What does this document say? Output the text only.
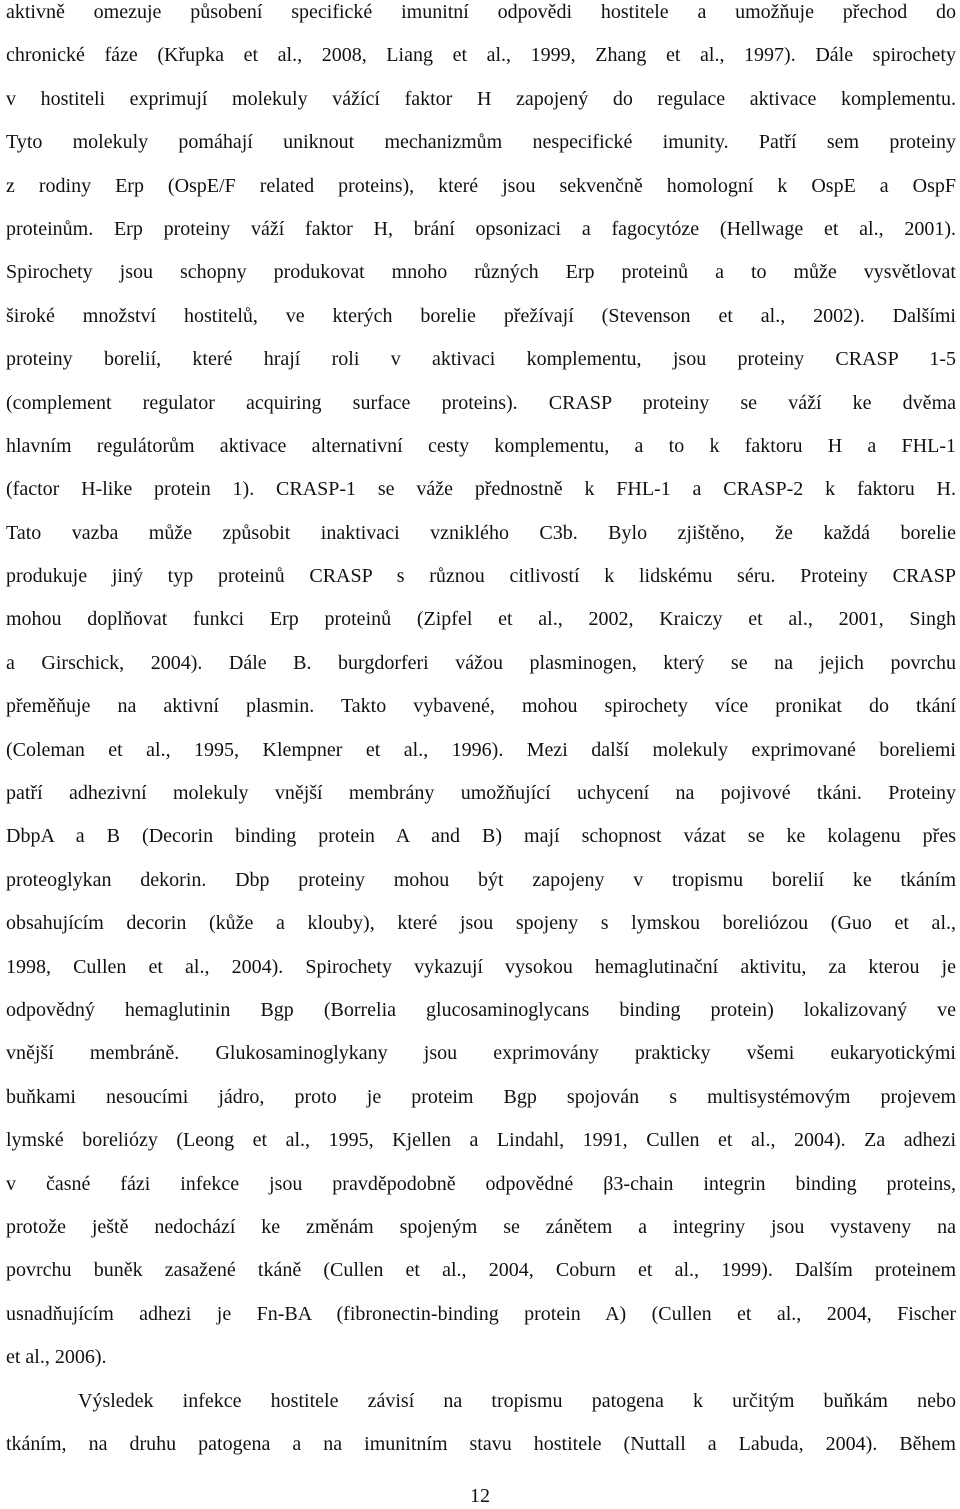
aktivně omezuje působení specifické imunitní odpovědi hostitele a umožňuje přechod do
chronické fáze (Křupka et al., 2008, Liang et al., 1999, Zhang et al., 1997). Dále spirochety
v hostiteli exprimují molekuly vážící faktor H zapojený do regulace aktivace komplementu.
Tyto molekuly pomáhají uniknout mechanizmům nespecifické imunity. Patří sem proteiny
z rodiny Erp (OspE/F related proteins), které jsou sekvenčně homologní k OspE a OspF
proteinům. Erp proteiny váží faktor H, brání opsonizaci a fagocytóze (Hellwage et al., 2001).
Spirochety jsou schopny produkovat mnoho různých Erp proteinů a to může vysvětlovat
široké množství hostitelů, ve kterých borelie přežívají (Stevenson et al., 2002). Dalšími
proteiny borelií, které hrají roli v aktivaci komplementu, jsou proteiny CRASP 1-5
(complement regulator acquiring surface proteins). CRASP proteiny se váží ke dvěma
hlavním regulátorům aktivace alternativní cesty komplementu, a to k faktoru H a FHL-1
(factor H-like protein 1). CRASP-1 se váže přednostně k FHL-1 a CRASP-2 k faktoru H.
Tato vazba může způsobit inaktivaci vzniklého C3b. Bylo zjištěno, že každá borelie
produkuje jiný typ proteinů CRASP s různou citlivostí k lidskému séru. Proteiny CRASP
mohou doplňovat funkci Erp proteinů (Zipfel et al., 2002, Kraiczy et al., 2001, Singh
a Girschick, 2004). Dále B. burgdorferi vážou plasminogen, který se na jejich povrchu
přeměňuje na aktivní plasmin. Takto vybavené, mohou spirochety více pronikat do tkání
(Coleman et al., 1995, Klempner et al., 1996). Mezi další molekuly exprimované boreliemi
patří adhezivní molekuly vnější membrány umožňující uchycení na pojivové tkáni. Proteiny
DbpA a B (Decorin binding protein A and B) mají schopnost vázat se ke kolagenu přes
proteoglykan dekorin. Dbp proteiny mohou být zapojeny v tropismu borelií ke tkáním
obsahujícím decorin (kůže a klouby), které jsou spojeny s lymskou boreliózou (Guo et al.,
1998, Cullen et al., 2004). Spirochety vykazují vysokou hemaglutinační aktivitu, za kterou je
odpovědný hemaglutinin Bgp (Borrelia glucosaminoglycans binding protein) lokalizovaný ve
vnější membráně. Glukosaminoglykany jsou exprimovány prakticky všemi eukaryotickými
buňkami nesoucími jádro, proto je proteim Bgp spojován s multisystémovým projevem
lymské boreliózy (Leong et al., 1995, Kjellen a Lindahl, 1991, Cullen et al., 2004). Za adhezi
v časné fázi infekce jsou pravděpodobně odpovědné β3-chain integrin binding proteins,
protože ještě nedochází ke změnám spojeným se zánětem a integriny jsou vystaveny na
povrchu buněk zasažené tkáně (Cullen et al., 2004, Coburn et al., 1999). Dalším proteinem
usnadňujícím adhezi je Fn-BA (fibronectin-binding protein A) (Cullen et al., 2004, Fischer
et al., 2006).
Výsledek infekce hostitele závisí na tropismu patogena k určitým buňkám nebo
tkáním, na druhu patogena a na imunitním stavu hostitele (Nuttall a Labuda, 2004). Během
12
